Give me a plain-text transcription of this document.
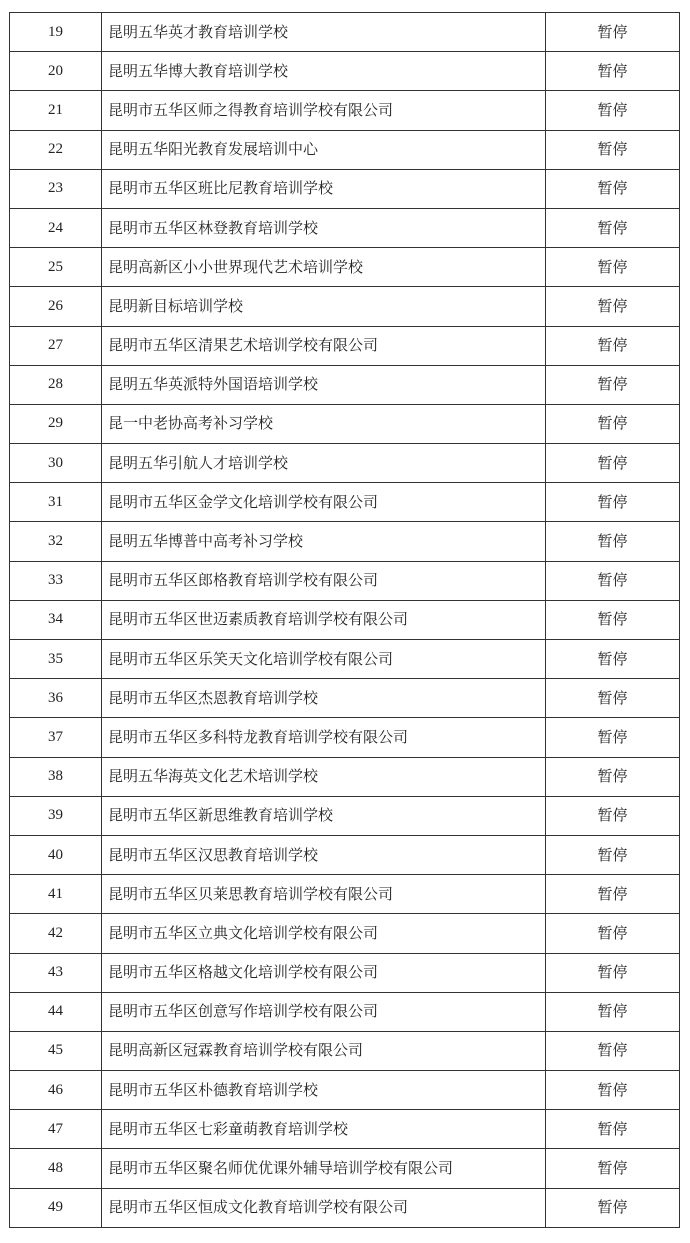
19	昆明五华英才教育培训学校	暂停
20	昆明五华博大教育培训学校	暂停
21	昆明市五华区师之得教育培训学校有限公司	暂停
22	昆明五华阳光教育发展培训中心	暂停
23	昆明市五华区班比尼教育培训学校	暂停
24	昆明市五华区林登教育培训学校	暂停
25	昆明高新区小小世界现代艺术培训学校	暂停
26	昆明新目标培训学校	暂停
27	昆明市五华区清果艺术培训学校有限公司	暂停
28	昆明五华英派特外国语培训学校	暂停
29	昆一中老协高考补习学校	暂停
30	昆明五华引航人才培训学校	暂停
31	昆明市五华区金学文化培训学校有限公司	暂停
32	昆明五华博普中高考补习学校	暂停
33	昆明市五华区郎格教育培训学校有限公司	暂停
34	昆明市五华区世迈素质教育培训学校有限公司	暂停
35	昆明市五华区乐笑天文化培训学校有限公司	暂停
36	昆明市五华区杰恩教育培训学校	暂停
37	昆明市五华区多科特龙教育培训学校有限公司	暂停
38	昆明五华海英文化艺术培训学校	暂停
39	昆明市五华区新思维教育培训学校	暂停
40	昆明市五华区汉思教育培训学校	暂停
41	昆明市五华区贝莱思教育培训学校有限公司	暂停
42	昆明市五华区立典文化培训学校有限公司	暂停
43	昆明市五华区格越文化培训学校有限公司	暂停
44	昆明市五华区创意写作培训学校有限公司	暂停
45	昆明高新区冠霖教育培训学校有限公司	暂停
46	昆明市五华区朴德教育培训学校	暂停
47	昆明市五华区七彩童萌教育培训学校	暂停
48	昆明市五华区聚名师优优课外辅导培训学校有限公司	暂停
49	昆明市五华区恒成文化教育培训学校有限公司	暂停
